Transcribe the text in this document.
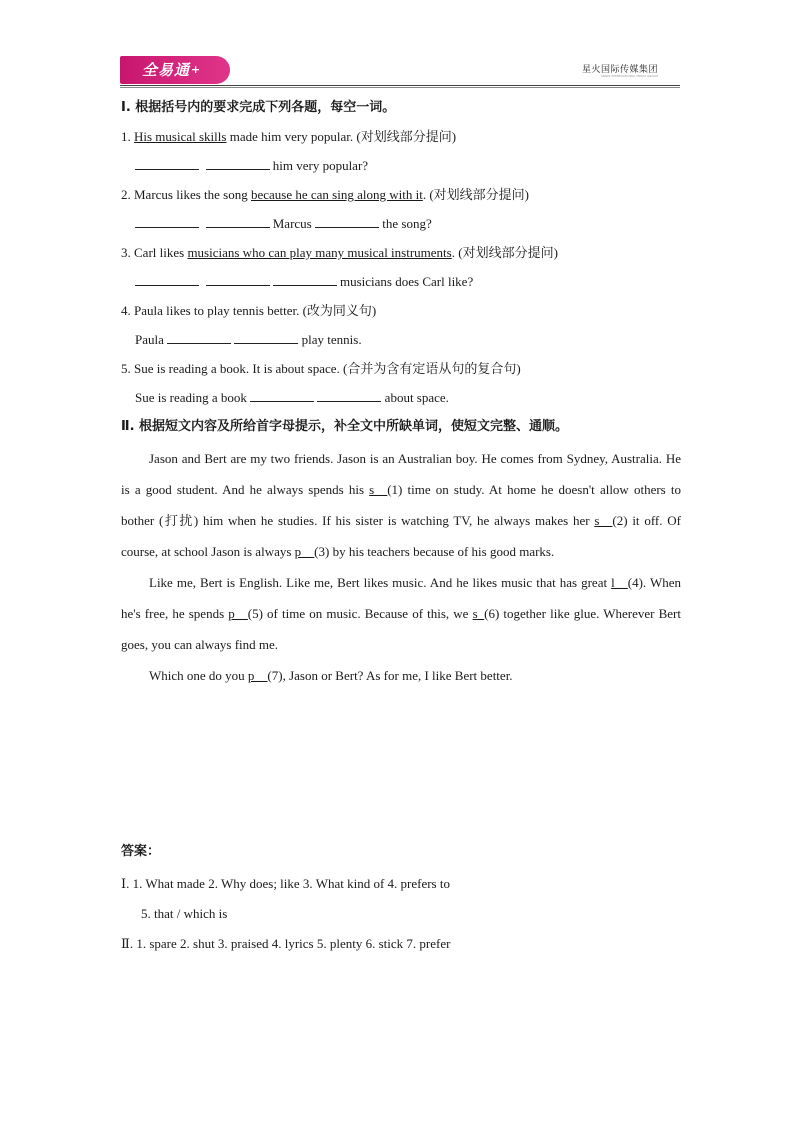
全易通+	星火国际传媒集团
SPARK INTERNATIONAL MEDIA GROUP

Ⅰ. 根据括号内的要求完成下列各题，每空一词。

1. His musical skills made him very popular. (对划线部分提问)

him very popular?

2. Marcus likes the song because he can sing along with it. (对划线部分提问)

Marcus	the song?

3. Carl likes musicians who can play many musical instruments. (对划线部分提问)

musicians does Carl like?

4. Paula likes to play tennis better. (改为同义句)

Paula	play tennis.

5. Sue is reading a book. It is about space. (合并为含有定语从句的复合句)

Sue is reading a book	about space.

Ⅱ. 根据短文内容及所给首字母提示，补全文中所缺单词，使短文完整、通顺。

Jason and Bert are my two friends. Jason is an Australian boy. He comes from Sydney, Australia. He is a good student. And he always spends his s__(1) time on study. At home he doesn't allow others to bother (打扰) him when he studies. If his sister is watching TV, he always makes her s__(2) it off. Of course, at school Jason is always p__(3) by his teachers because of his good marks.

Like me, Bert is English. Like me, Bert likes music. And he likes music that has great l__(4). When he's free, he spends p__(5) of time on music. Because of this, we s_(6) together like glue. Wherever Bert goes, you can always find me.

Which one do you p__(7), Jason or Bert? As for me, I like Bert better.

答案：
Ⅰ. 1. What made 2. Why does; like 3. What kind of 4. prefers to
5. that / which is
Ⅱ. 1. spare 2. shut 3. praised 4. lyrics 5. plenty 6. stick 7. prefer
